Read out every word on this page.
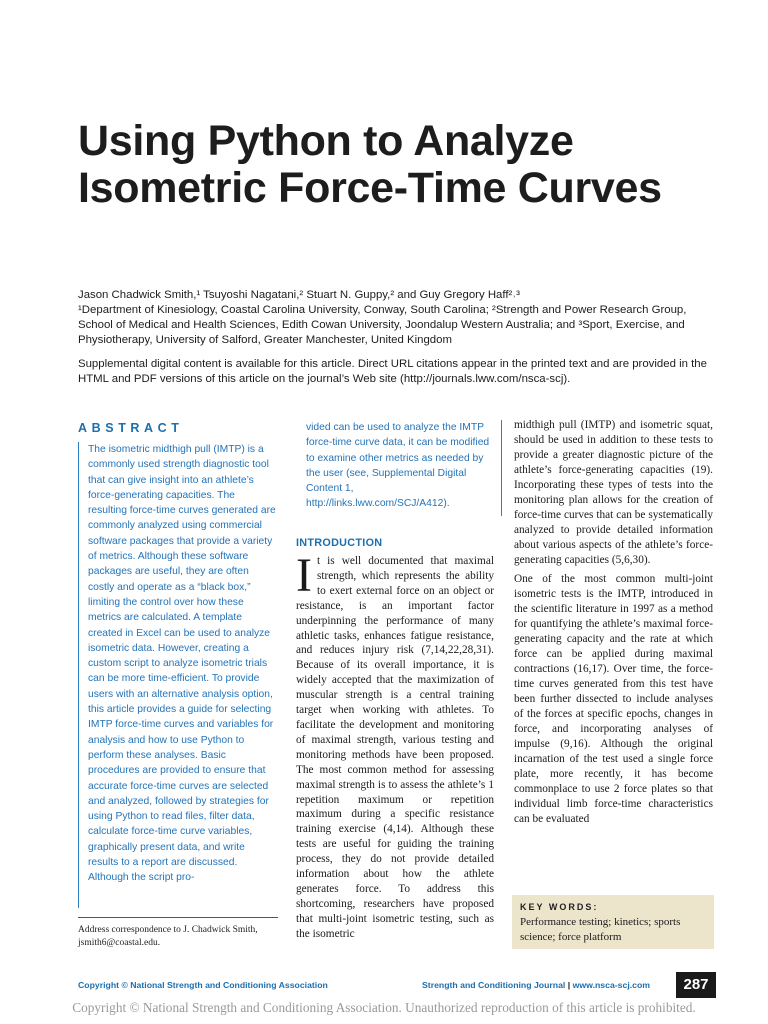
Using Python to Analyze Isometric Force-Time Curves
Jason Chadwick Smith,¹ Tsuyoshi Nagatani,² Stuart N. Guppy,² and Guy Gregory Haff²˒³
¹Department of Kinesiology, Coastal Carolina University, Conway, South Carolina; ²Strength and Power Research Group, School of Medical and Health Sciences, Edith Cowan University, Joondalup Western Australia; and ³Sport, Exercise, and Physiotherapy, University of Salford, Greater Manchester, United Kingdom
Supplemental digital content is available for this article. Direct URL citations appear in the printed text and are provided in the HTML and PDF versions of this article on the journal’s Web site (http://journals.lww.com/nsca-scj).
ABSTRACT
The isometric midthigh pull (IMTP) is a commonly used strength diagnostic tool that can give insight into an athlete’s force-generating capacities. The resulting force-time curves generated are commonly analyzed using commercial software packages that provide a variety of metrics. Although these software packages are useful, they are often costly and operate as a “black box,” limiting the control over how these metrics are calculated. A template created in Excel can be used to analyze isometric data. However, creating a custom script to analyze isometric trials can be more time-efficient. To provide users with an alternative analysis option, this article provides a guide for selecting IMTP force-time curves and variables for analysis and how to use Python to perform these analyses. Basic procedures are provided to ensure that accurate force-time curves are selected and analyzed, followed by strategies for using Python to read files, filter data, calculate force-time curve variables, graphically present data, and write results to a report are discussed. Although the script pro-
Address correspondence to J. Chadwick Smith, jsmith6@coastal.edu.
vided can be used to analyze the IMTP force-time curve data, it can be modified to examine other metrics as needed by the user (see, Supplemental Digital Content 1, http://links.lww.com/SCJ/A412).
INTRODUCTION
It is well documented that maximal strength, which represents the ability to exert external force on an object or resistance, is an important factor underpinning the performance of many athletic tasks, enhances fatigue resistance, and reduces injury risk (7,14,22,28,31). Because of its overall importance, it is widely accepted that the maximization of muscular strength is a central training target when working with athletes. To facilitate the development and monitoring of maximal strength, various testing and monitoring methods have been proposed. The most common method for assessing maximal strength is to assess the athlete’s 1 repetition maximum or repetition maximum during a specific resistance training exercise (4,14). Although these tests are useful for guiding the training process, they do not provide detailed information about how the athlete generates force. To address this shortcoming, researchers have proposed that multi-joint isometric testing, such as the isometric

midthigh pull (IMTP) and isometric squat, should be used in addition to these tests to provide a greater diagnostic picture of the athlete’s force-generating capacities (19). Incorporating these types of tests into the monitoring plan allows for the creation of force-time curves that can be systematically analyzed to provide detailed information about various aspects of the athlete’s force-generating capacities (5,6,30).

One of the most common multi-joint isometric tests is the IMTP, introduced in the scientific literature in 1997 as a method for quantifying the athlete’s maximal force-generating capacity and the rate at which force can be applied during maximal contractions (16,17). Over time, the force-time curves generated from this test have been further dissected to include analyses of the forces at specific epochs, changes in force, and incorporating analyses of impulse (9,16). Although the original incarnation of the test used a single force plate, more recently, it has become commonplace to use 2 force plates so that individual limb force-time characteristics can be evaluated

KEY WORDS:
Performance testing; kinetics; sports science; force platform
Copyright © National Strength and Conditioning Association	Strength and Conditioning Journal | www.nsca-scj.com	287
Copyright © National Strength and Conditioning Association. Unauthorized reproduction of this article is prohibited.
